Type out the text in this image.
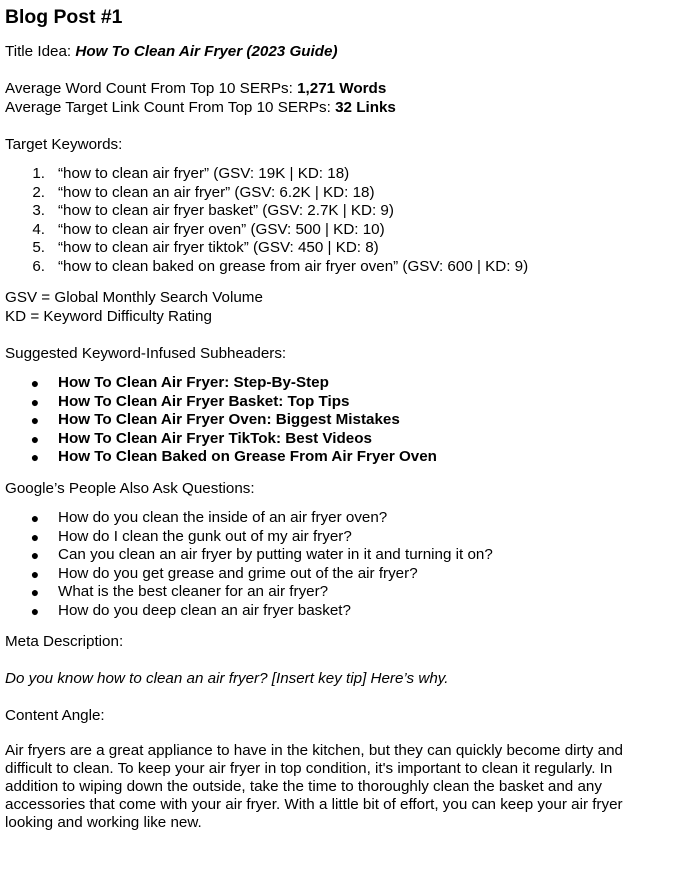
Blog Post #1

Title Idea: How To Clean Air Fryer (2023 Guide)

Average Word Count From Top 10 SERPs: 1,271 Words

Average Target Link Count From Top 10 SERPs: 32 Links

Target Keywords:

1. “how to clean air fryer” (GSV: 19K | KD: 18)
2. “how to clean an air fryer” (GSV: 6.2K | KD: 18)
3. “how to clean air fryer basket” (GSV: 2.7K | KD: 9)
4. “how to clean air fryer oven” (GSV: 500 | KD: 10)
5. “how to clean air fryer tiktok” (GSV: 450 | KD: 8)
6. “how to clean baked on grease from air fryer oven” (GSV: 600 | KD: 9)

GSV = Global Monthly Search Volume

KD = Keyword Difficulty Rating

Suggested Keyword-Infused Subheaders:

● How To Clean Air Fryer: Step-By-Step
● How To Clean Air Fryer Basket: Top Tips
● How To Clean Air Fryer Oven: Biggest Mistakes
● How To Clean Air Fryer TikTok: Best Videos
● How To Clean Baked on Grease From Air Fryer Oven

Google’s People Also Ask Questions:

● How do you clean the inside of an air fryer oven?
● How do I clean the gunk out of my air fryer?
● Can you clean an air fryer by putting water in it and turning it on?
● How do you get grease and grime out of the air fryer?
● What is the best cleaner for an air fryer?
● How do you deep clean an air fryer basket?

Meta Description:

Do you know how to clean an air fryer? [Insert key tip] Here’s why.

Content Angle:

Air fryers are a great appliance to have in the kitchen, but they can quickly become dirty and difficult to clean. To keep your air fryer in top condition, it's important to clean it regularly. In addition to wiping down the outside, take the time to thoroughly clean the basket and any accessories that come with your air fryer. With a little bit of effort, you can keep your air fryer looking and working like new.
